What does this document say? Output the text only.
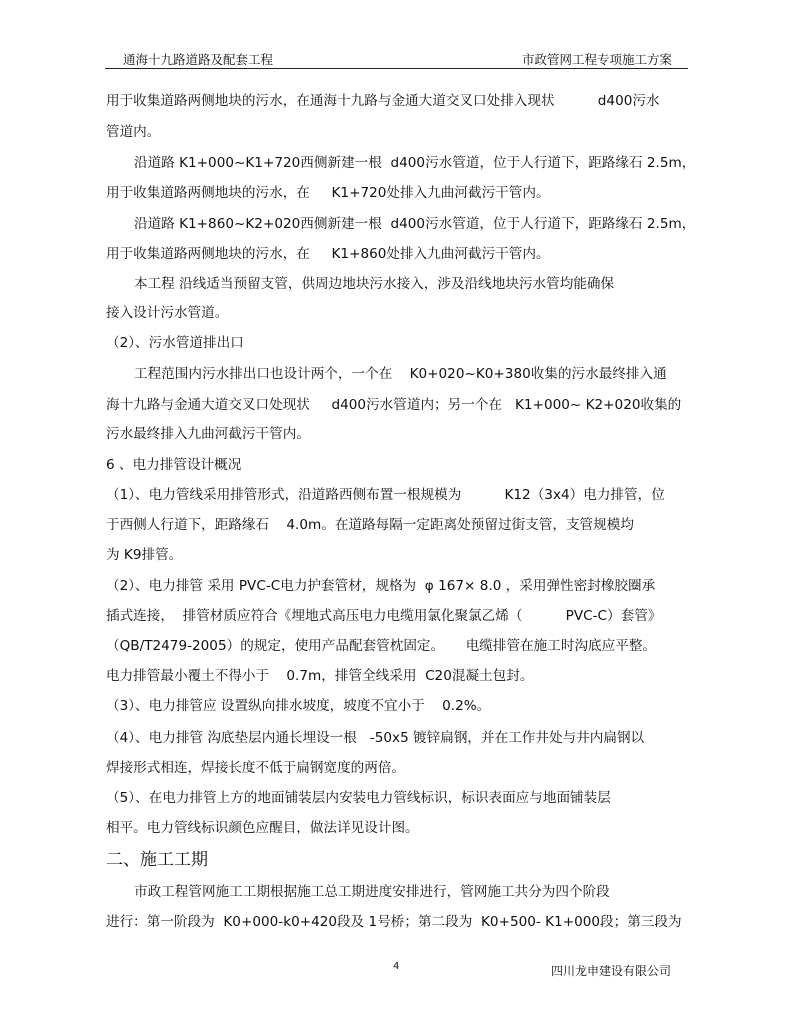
通海十九路道路及配套工程	市政管网工程专项施工方案
用于收集道路两侧地块的污水，在通海十九路与金通大道交叉口处排入现状          d400污水
管道内。
沿道路 K1+000~K1+720西侧新建一根  d400污水管道，位于人行道下，距路缘石 2.5m，
用于收集道路两侧地块的污水，在     K1+720处排入九曲河截污干管内。
沿道路 K1+860~K2+020西侧新建一根  d400污水管道，位于人行道下，距路缘石 2.5m，
用于收集道路两侧地块的污水，在     K1+860处排入九曲河截污干管内。
本工程 沿线适当预留支管，供周边地块污水接入，涉及沿线地块污水管均能确保
接入设计污水管道。
（2）、污水管道排出口
工程范围内污水排出口也设计两个，一个在    K0+020~K0+380收集的污水最终排入通
海十九路与金通大道交叉口处现状     d400污水管道内；另一个在   K1+000~ K2+020收集的
污水最终排入九曲河截污干管内。
6 、电力排管设计概况
（1）、电力管线采用排管形式，沿道路西侧布置一根规模为          K12（3x4）电力排管，位
于西侧人行道下，距路缘石    4.0m。在道路每隔一定距离处预留过街支管，支管规模均
为 K9排管。
（2）、电力排管 采用 PVC-C电力护套管材，规格为  φ 167× 8.0 ，采用弹性密封橡胶圈承
插式连接，  排管材质应符合《埋地式高压电力电缆用氯化聚氯乙烯（          PVC-C）套管》
（QB/T2479-2005）的规定，使用产品配套管枕固定。     电缆排管在施工时沟底应平整。
电力排管最小覆土不得小于    0.7m，排管全线采用  C20混凝土包封。
（3）、电力排管应 设置纵向排水坡度，坡度不宜小于    0.2%。
（4）、电力排管 沟底垫层内通长埋设一根   -50x5 镀锌扁钢，并在工作井处与井内扁钢以
焊接形式相连，焊接长度不低于扁钢宽度的两倍。
（5）、在电力排管上方的地面铺装层内安装电力管线标识，标识表面应与地面铺装层
相平。电力管线标识颜色应醒目，做法详见设计图。
二、施工工期
市政工程管网施工工期根据施工总工期进度安排进行，管网施工共分为四个阶段
进行：第一阶段为  K0+000-k0+420段及 1号桥；第二段为  K0+500- K1+000段；第三段为
4	四川龙申建设有限公司
